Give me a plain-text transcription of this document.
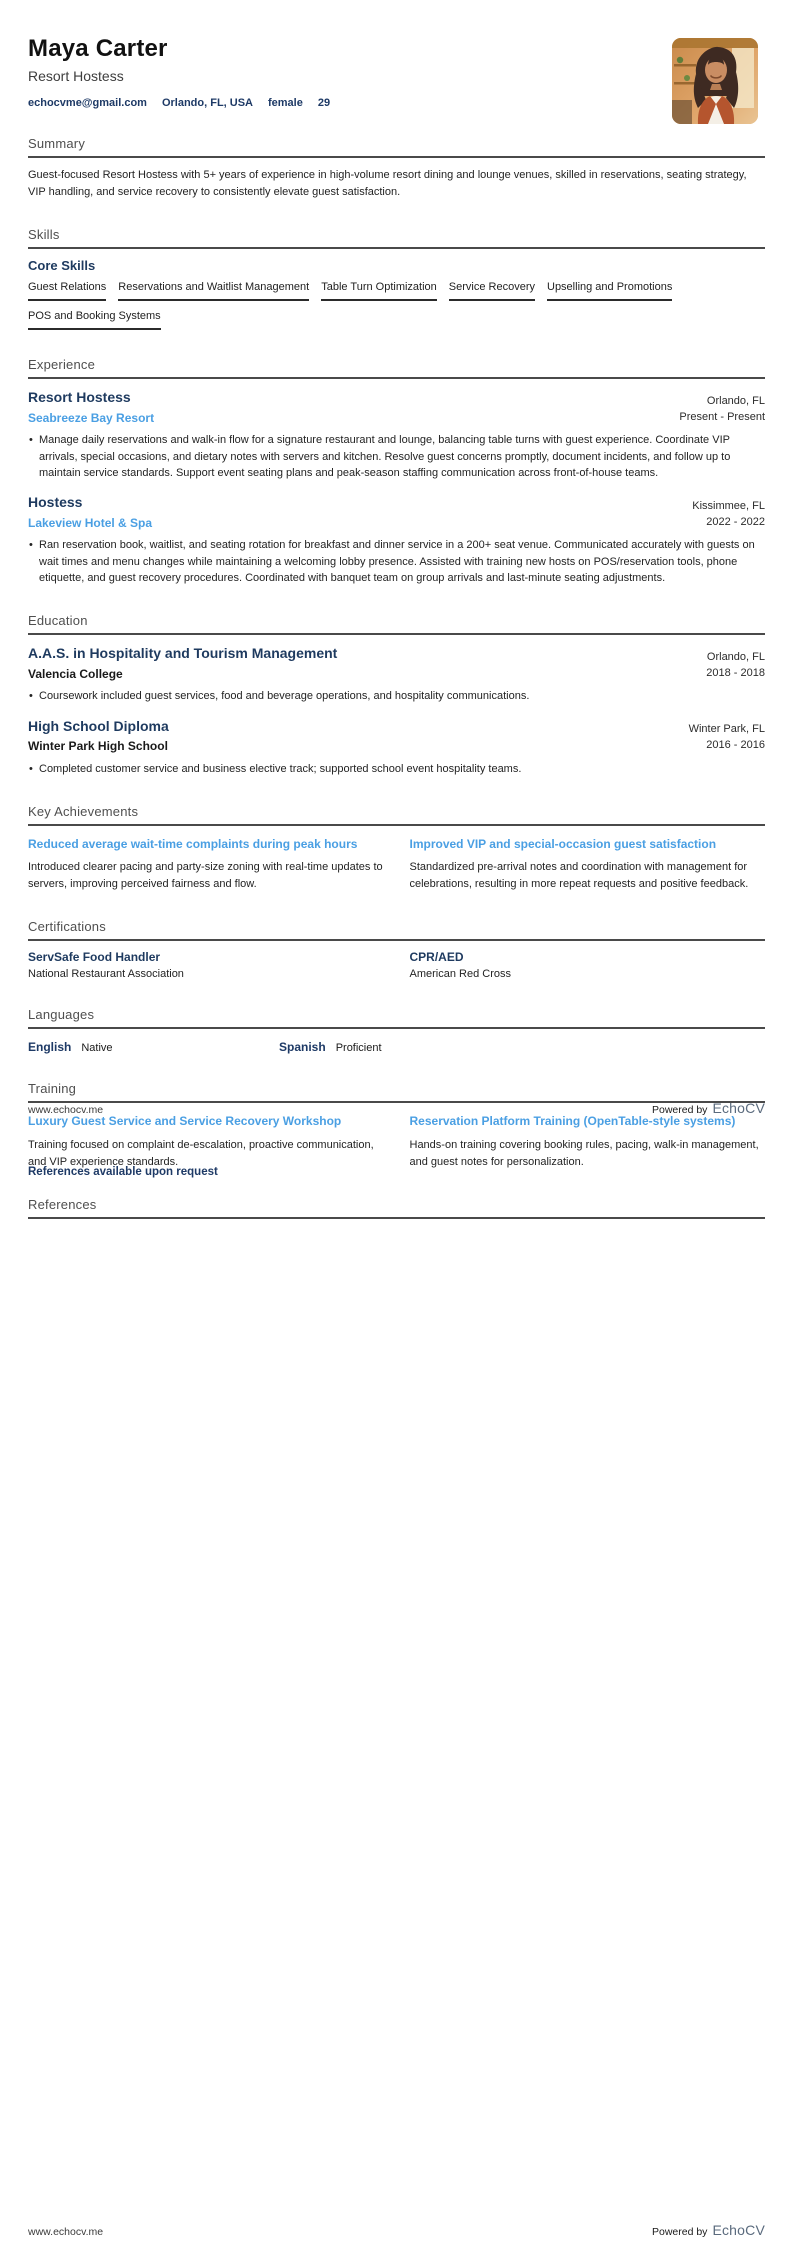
Maya Carter
Resort Hostess
echocvme@gmail.com Orlando, FL, USA female 29
Summary
Guest-focused Resort Hostess with 5+ years of experience in high-volume resort dining and lounge venues, skilled in reservations, seating strategy, VIP handling, and service recovery to consistently elevate guest satisfaction.
Skills
Core Skills
Guest Relations Reservations and Waitlist Management Table Turn Optimization Service Recovery Upselling and Promotions
POS and Booking Systems
Experience
Resort Hostess	Orlando, FL
Seabreeze Bay Resort	Present - Present
• Manage daily reservations and walk-in flow for a signature restaurant and lounge, balancing table turns with guest experience. Coordinate VIP arrivals, special occasions, and dietary notes with servers and kitchen. Resolve guest concerns promptly, document incidents, and follow up to maintain service standards. Support event seating plans and peak-season staffing communication across front-of-house teams.
Hostess	Kissimmee, FL
Lakeview Hotel & Spa	2022 - 2022
• Ran reservation book, waitlist, and seating rotation for breakfast and dinner service in a 200+ seat venue. Communicated accurately with guests on wait times and menu changes while maintaining a welcoming lobby presence. Assisted with training new hosts on POS/reservation tools, phone etiquette, and guest recovery procedures. Coordinated with banquet team on group arrivals and last-minute seating adjustments.
Education
A.A.S. in Hospitality and Tourism Management	Orlando, FL
Valencia College	2018 - 2018
• Coursework included guest services, food and beverage operations, and hospitality communications.
High School Diploma	Winter Park, FL
Winter Park High School	2016 - 2016
• Completed customer service and business elective track; supported school event hospitality teams.
Key Achievements
Reduced average wait-time complaints during peak hours
Introduced clearer pacing and party-size zoning with real-time updates to servers, improving perceived fairness and flow.
Improved VIP and special-occasion guest satisfaction
Standardized pre-arrival notes and coordination with management for celebrations, resulting in more repeat requests and positive feedback.
Certifications
ServSafe Food Handler
National Restaurant Association
CPR/AED
American Red Cross
Languages
English Native	Spanish Proficient
Training
Luxury Guest Service and Service Recovery Workshop
Training focused on complaint de-escalation, proactive communication, and VIP experience standards.
Reservation Platform Training (OpenTable-style systems)
Hands-on training covering booking rules, pacing, walk-in management, and guest notes for personalization.
References
www.echocv.me	Powered by EchoCV
References available upon request
www.echocv.me	Powered by EchoCV
